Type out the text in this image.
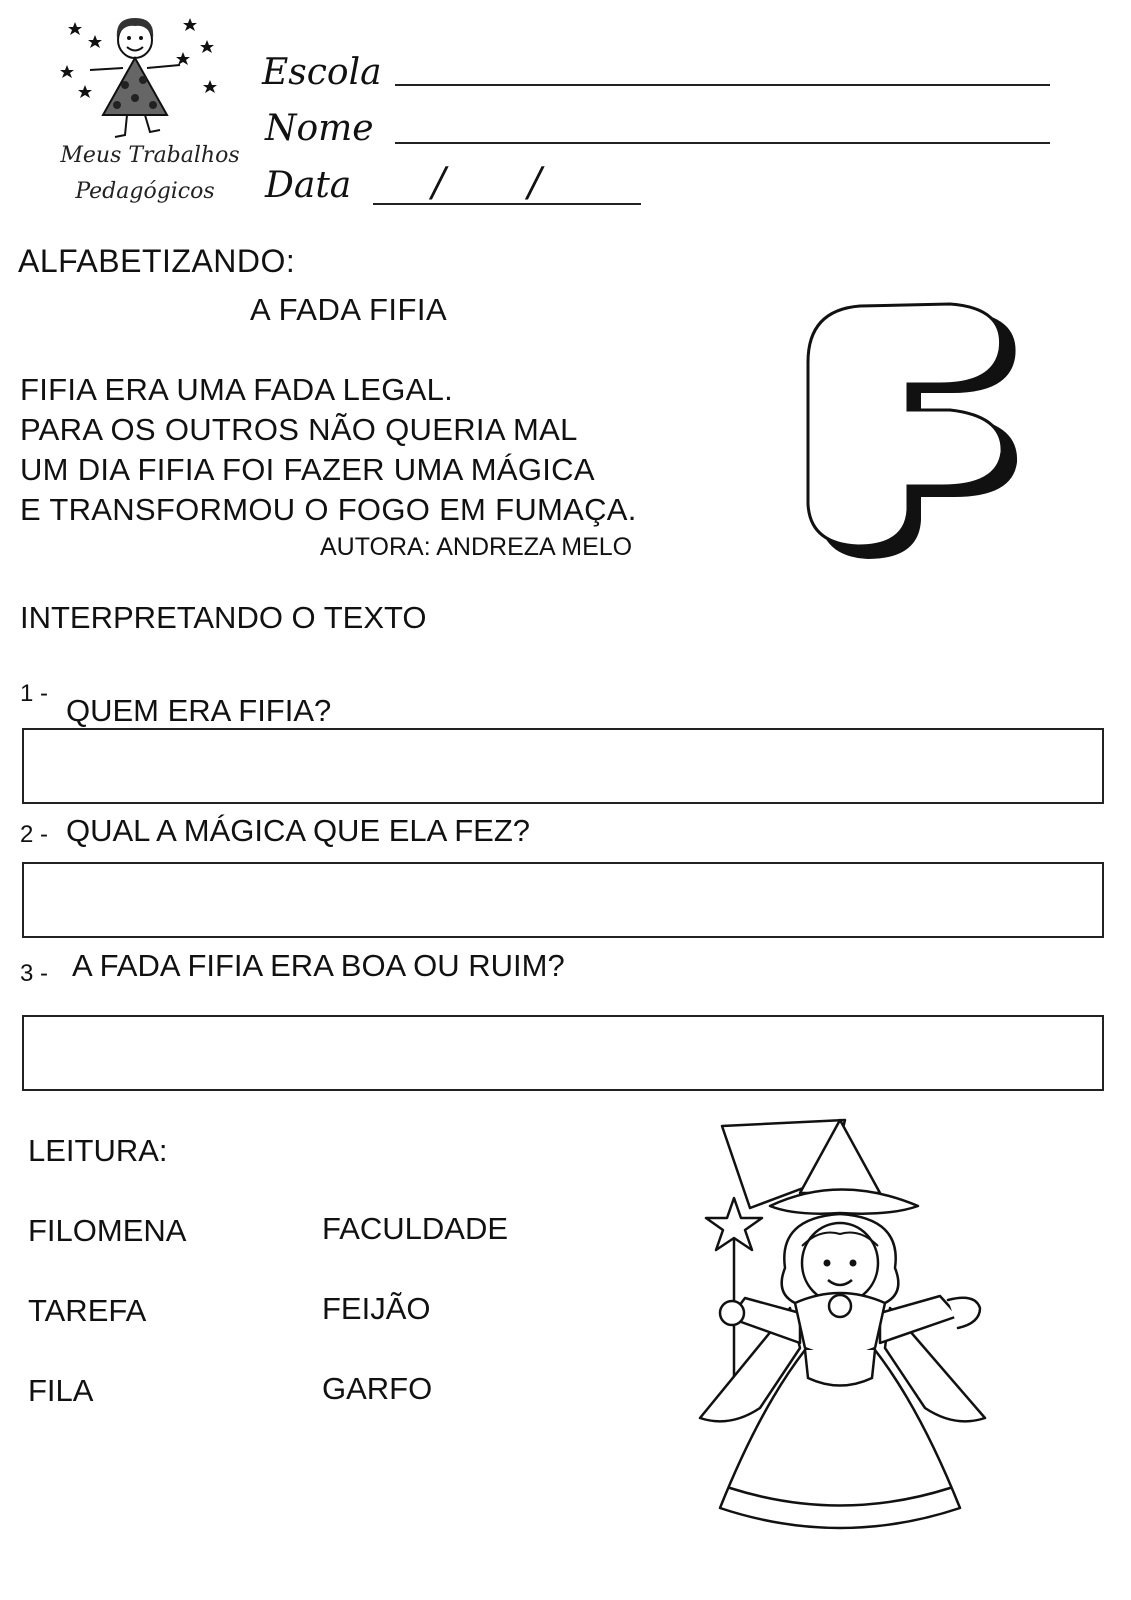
Meus Trabalhos
Pedagógicos
Escola
Nome
Data / /
ALFABETIZANDO:
A FADA FIFIA
FIFIA ERA UMA FADA LEGAL.
PARA OS OUTROS NÃO QUERIA MAL
UM DIA FIFIA FOI FAZER UMA MÁGICA
E TRANSFORMOU O FOGO EM FUMAÇA.
AUTORA: ANDREZA MELO
INTERPRETANDO O TEXTO
1 - QUEM ERA FIFIA?
2 - QUAL A MÁGICA QUE ELA FEZ?
3 - A FADA FIFIA ERA BOA OU RUIM?
LEITURA:
FILOMENA
TAREFA
FILA
FACULDADE
FEIJÃO
GARFO
